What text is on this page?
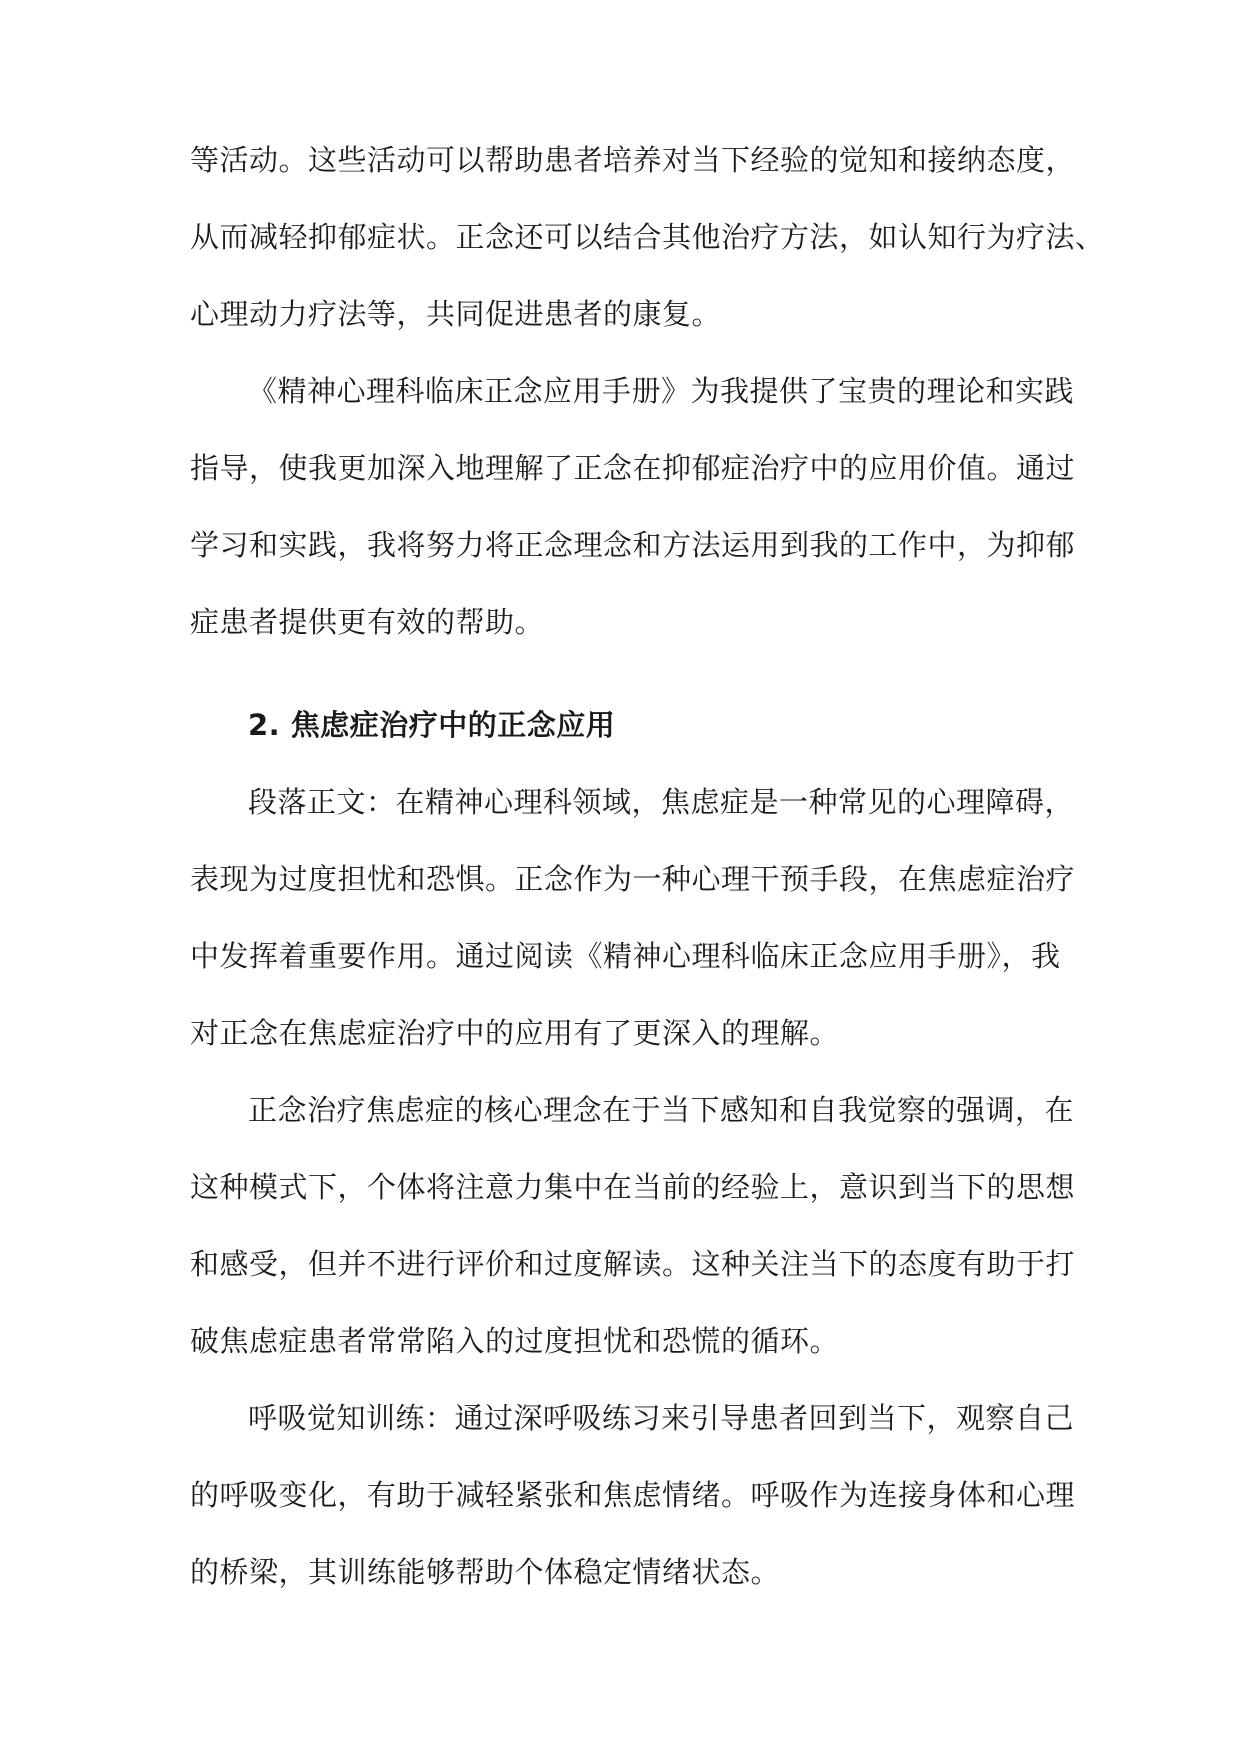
等活动。这些活动可以帮助患者培养对当下经验的觉知和接纳态度，
从而减轻抑郁症状。正念还可以结合其他治疗方法，如认知行为疗法、
心理动力疗法等，共同促进患者的康复。
《精神心理科临床正念应用手册》为我提供了宝贵的理论和实践
指导，使我更加深入地理解了正念在抑郁症治疗中的应用价值。通过
学习和实践，我将努力将正念理念和方法运用到我的工作中，为抑郁
症患者提供更有效的帮助。
2. 焦虑症治疗中的正念应用
段落正文：在精神心理科领域，焦虑症是一种常见的心理障碍，
表现为过度担忧和恐惧。正念作为一种心理干预手段，在焦虑症治疗
中发挥着重要作用。通过阅读《精神心理科临床正念应用手册》，我
对正念在焦虑症治疗中的应用有了更深入的理解。
正念治疗焦虑症的核心理念在于当下感知和自我觉察的强调，在
这种模式下，个体将注意力集中在当前的经验上，意识到当下的思想
和感受，但并不进行评价和过度解读。这种关注当下的态度有助于打
破焦虑症患者常常陷入的过度担忧和恐慌的循环。
呼吸觉知训练：通过深呼吸练习来引导患者回到当下，观察自己
的呼吸变化，有助于减轻紧张和焦虑情绪。呼吸作为连接身体和心理
的桥梁，其训练能够帮助个体稳定情绪状态。
